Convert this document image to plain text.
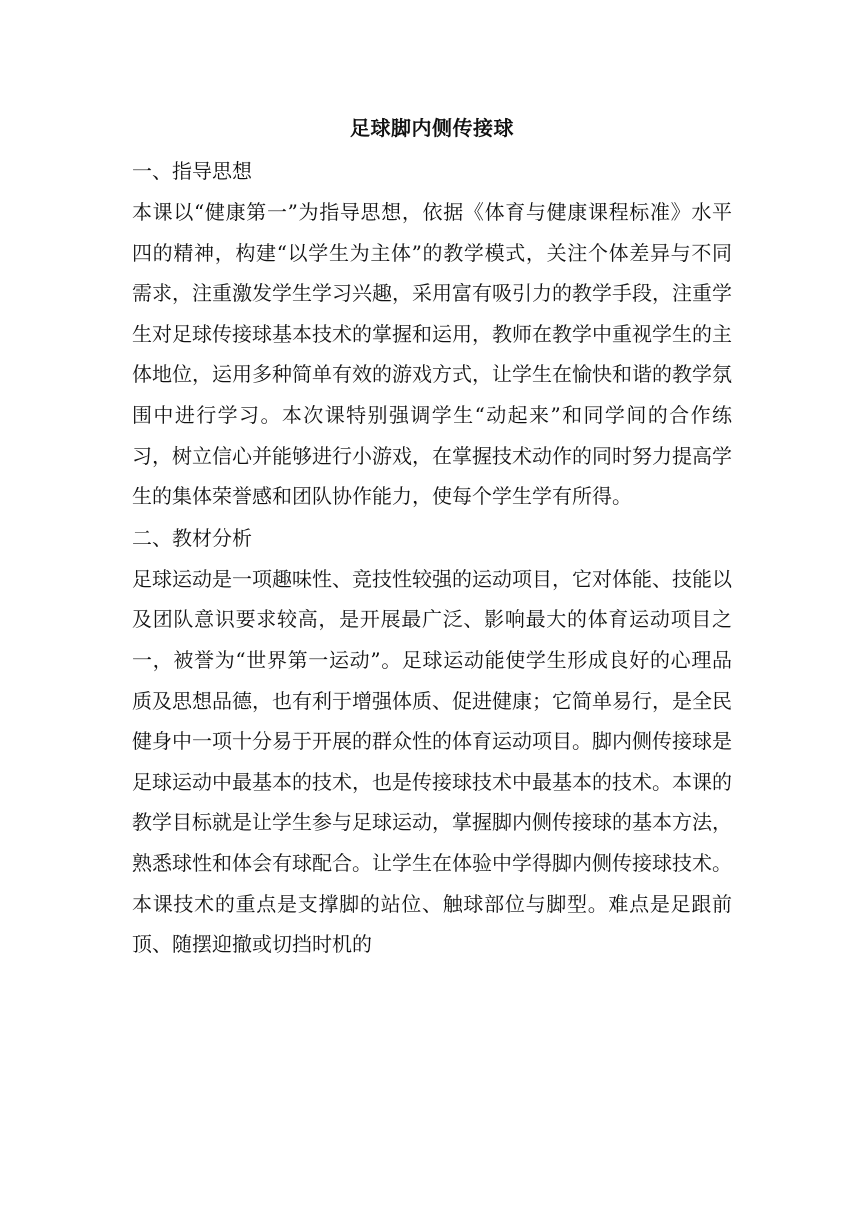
足球脚内侧传接球

一、指导思想

本课以“健康第一”为指导思想，依据《体育与健康课程标准》水平四的精神，构建“以学生为主体”的教学模式，关注个体差异与不同需求，注重激发学生学习兴趣，采用富有吸引力的教学手段，注重学生对足球传接球基本技术的掌握和运用，教师在教学中重视学生的主体地位，运用多种简单有效的游戏方式，让学生在愉快和谐的教学氛围中进行学习。本次课特别强调学生“动起来”和同学间的合作练习，树立信心并能够进行小游戏，在掌握技术动作的同时努力提高学生的集体荣誉感和团队协作能力，使每个学生学有所得。

二、教材分析

足球运动是一项趣味性、竞技性较强的运动项目，它对体能、技能以及团队意识要求较高，是开展最广泛、影响最大的体育运动项目之一，被誉为“世界第一运动”。足球运动能使学生形成良好的心理品质及思想品德，也有利于增强体质、促进健康；它简单易行，是全民健身中一项十分易于开展的群众性的体育运动项目。脚内侧传接球是足球运动中最基本的技术，也是传接球技术中最基本的技术。本课的教学目标就是让学生参与足球运动，掌握脚内侧传接球的基本方法，熟悉球性和体会有球配合。让学生在体验中学得脚内侧传接球技术。本课技术的重点是支撑脚的站位、触球部位与脚型。难点是足跟前顶、随摆迎撤或切挡时机的
